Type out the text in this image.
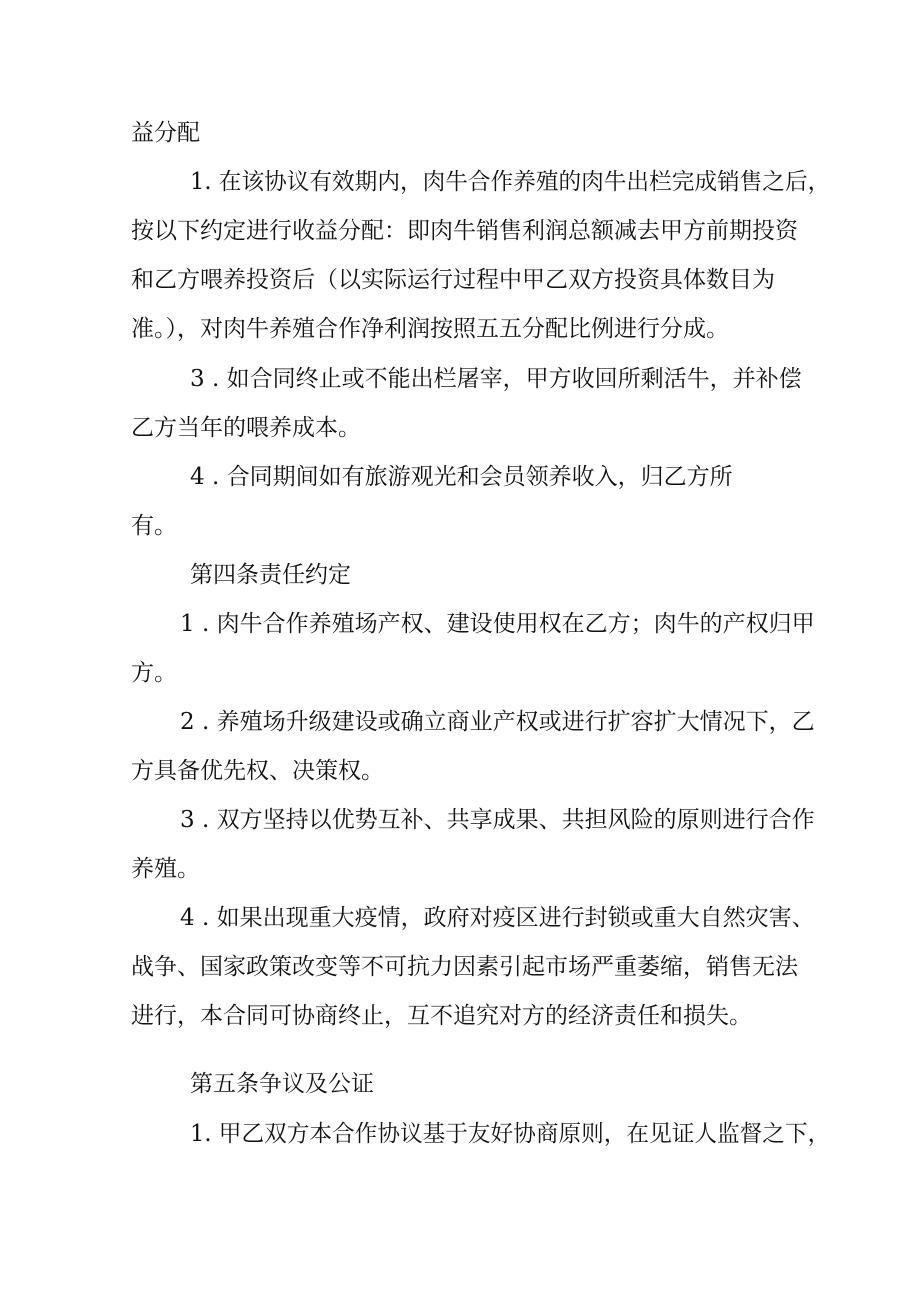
益分配
1. 在该协议有效期内，肉牛合作养殖的肉牛出栏完成销售之后，
按以下约定进行收益分配：即肉牛销售利润总额减去甲方前期投资
和乙方喂养投资后（以实际运行过程中甲乙双方投资具体数目为
准。），对肉牛养殖合作净利润按照五五分配比例进行分成。
3 . 如合同终止或不能出栏屠宰，甲方收回所剩活牛，并补偿
乙方当年的喂养成本。
4 . 合同期间如有旅游观光和会员领养收入，归乙方所
有。
第四条责任约定
1 . 肉牛合作养殖场产权、建设使用权在乙方；肉牛的产权归甲
方。
2 . 养殖场升级建设或确立商业产权或进行扩容扩大情况下，乙
方具备优先权、决策权。
3 . 双方坚持以优势互补、共享成果、共担风险的原则进行合作
养殖。
4 . 如果出现重大疫情，政府对疫区进行封锁或重大自然灾害、
战争、国家政策改变等不可抗力因素引起市场严重萎缩，销售无法
进行，本合同可协商终止，互不追究对方的经济责任和损失。
第五条争议及公证
1. 甲乙双方本合作协议基于友好协商原则，在见证人监督之下，
